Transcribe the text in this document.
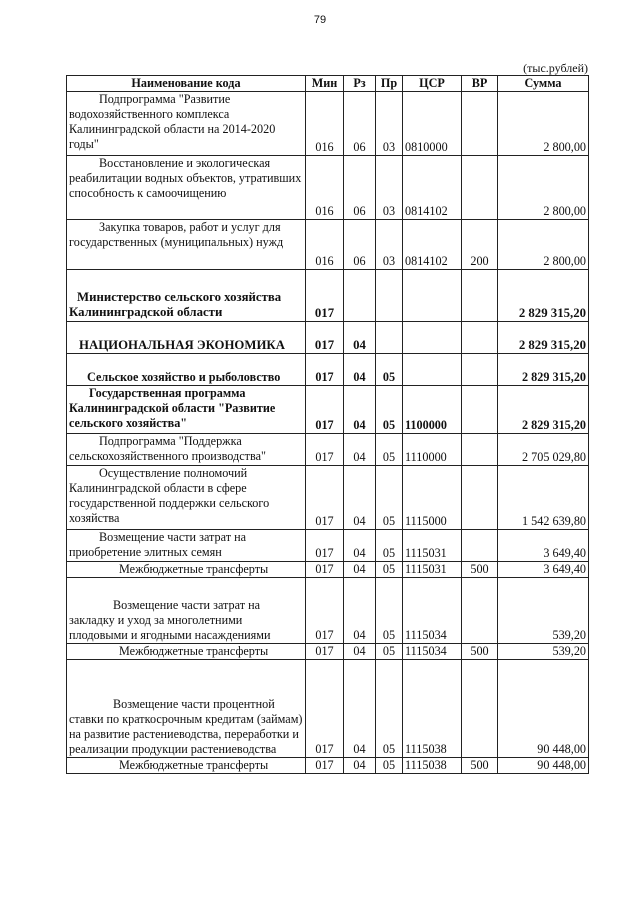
79
(тыс.рублей)
Наименование кода	Мин	Рз	Пр	ЦСР	ВР	Сумма

Подпрограмма "Развитие водохозяйственного комплекса Калининградской области на 2014-2020 годы"	016	06	03	0810000		2 800,00

Восстановление и экологическая реабилитации водных объектов, утративших способность к самоочищению	016	06	03	0814102		2 800,00

Закупка товаров, работ и услуг для государственных (муниципальных) нужд	016	06	03	0814102	200	2 800,00

Министерство сельского хозяйства Калининградской области	017					2 829 315,20
НАЦИОНАЛЬНАЯ ЭКОНОМИКА	017	04				2 829 315,20
Сельское хозяйство и рыболовство	017	04	05			2 829 315,20

Государственная программа Калининградской области "Развитие сельского хозяйства"	017	04	05	1100000		2 829 315,20

Подпрограмма "Поддержка сельскохозяйственного производства"	017	04	05	1110000		2 705 029,80

Осуществление полномочий Калининградской области в сфере государственной поддержки сельского хозяйства	017	04	05	1115000		1 542 639,80

Возмещение части затрат на приобретение элитных семян	017	04	05	1115031		3 649,40
Межбюджетные трансферты	017	04	05	1115031	500	3 649,40

Возмещение части затрат на закладку и уход за многолетними плодовыми и ягодными насаждениями	017	04	05	1115034		539,20
Межбюджетные трансферты	017	04	05	1115034	500	539,20

Возмещение части процентной ставки по краткосрочным кредитам (займам) на развитие растениеводства, переработки и реализации продукции растениеводства	017	04	05	1115038		90 448,00
Межбюджетные трансферты	017	04	05	1115038	500	90 448,00
